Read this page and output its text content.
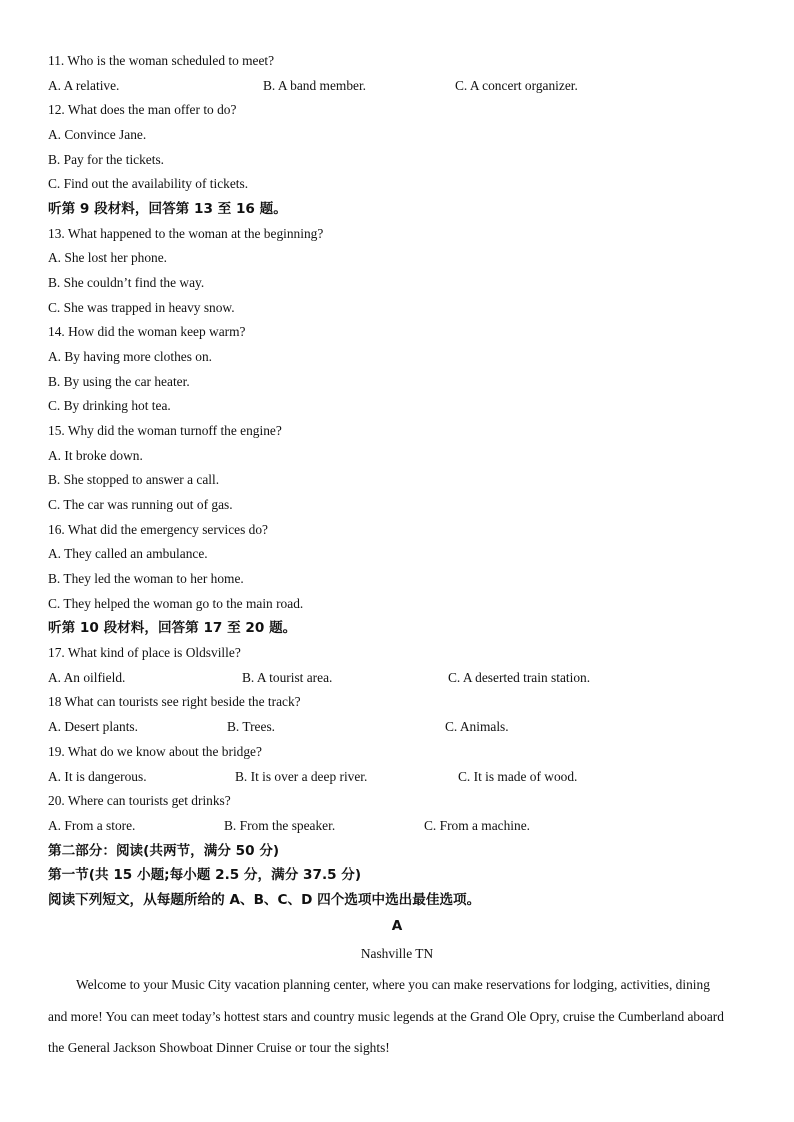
11. Who is the woman scheduled to meet?
A. A relative.	B. A band member.	C. A concert organizer.
12. What does the man offer to do?
A. Convince Jane.
B. Pay for the tickets.
C. Find out the availability of tickets.
听第 9 段材料，回答第 13 至 16 题。
13. What happened to the woman at the beginning?
A. She lost her phone.
B. She couldn’t find the way.
C. She was trapped in heavy snow.
14. How did the woman keep warm?
A. By having more clothes on.
B. By using the car heater.
C. By drinking hot tea.
15. Why did the woman turnoff the engine?
A. It broke down.
B. She stopped to answer a call.
C. The car was running out of gas.
16. What did the emergency services do?
A. They called an ambulance.
B. They led the woman to her home.
C. They helped the woman go to the main road.
听第 10 段材料，回答第 17 至 20 题。
17. What kind of place is Oldsville?
A. An oilfield.	B. A tourist area.	C. A deserted train station.
18 What can tourists see right beside the track?
A. Desert plants.	B. Trees.	C. Animals.
19. What do we know about the bridge?
A. It is dangerous.	B. It is over a deep river.	C. It is made of wood.
20. Where can tourists get drinks?
A. From a store.	B. From the speaker.	C. From a machine.
第二部分：阅读(共两节，满分 50 分)
第一节(共 15 小题;每小题 2.5 分，满分 37.5 分)
阅读下列短文，从每题所给的 A、B、C、D 四个选项中选出最佳选项。
A
Nashville TN
Welcome to your Music City vacation planning center, where you can make reservations for lodging, activities, dining
and more! You can meet today’s hottest stars and country music legends at the Grand Ole Opry, cruise the Cumberland aboard
the General Jackson Showboat Dinner Cruise or tour the sights!
